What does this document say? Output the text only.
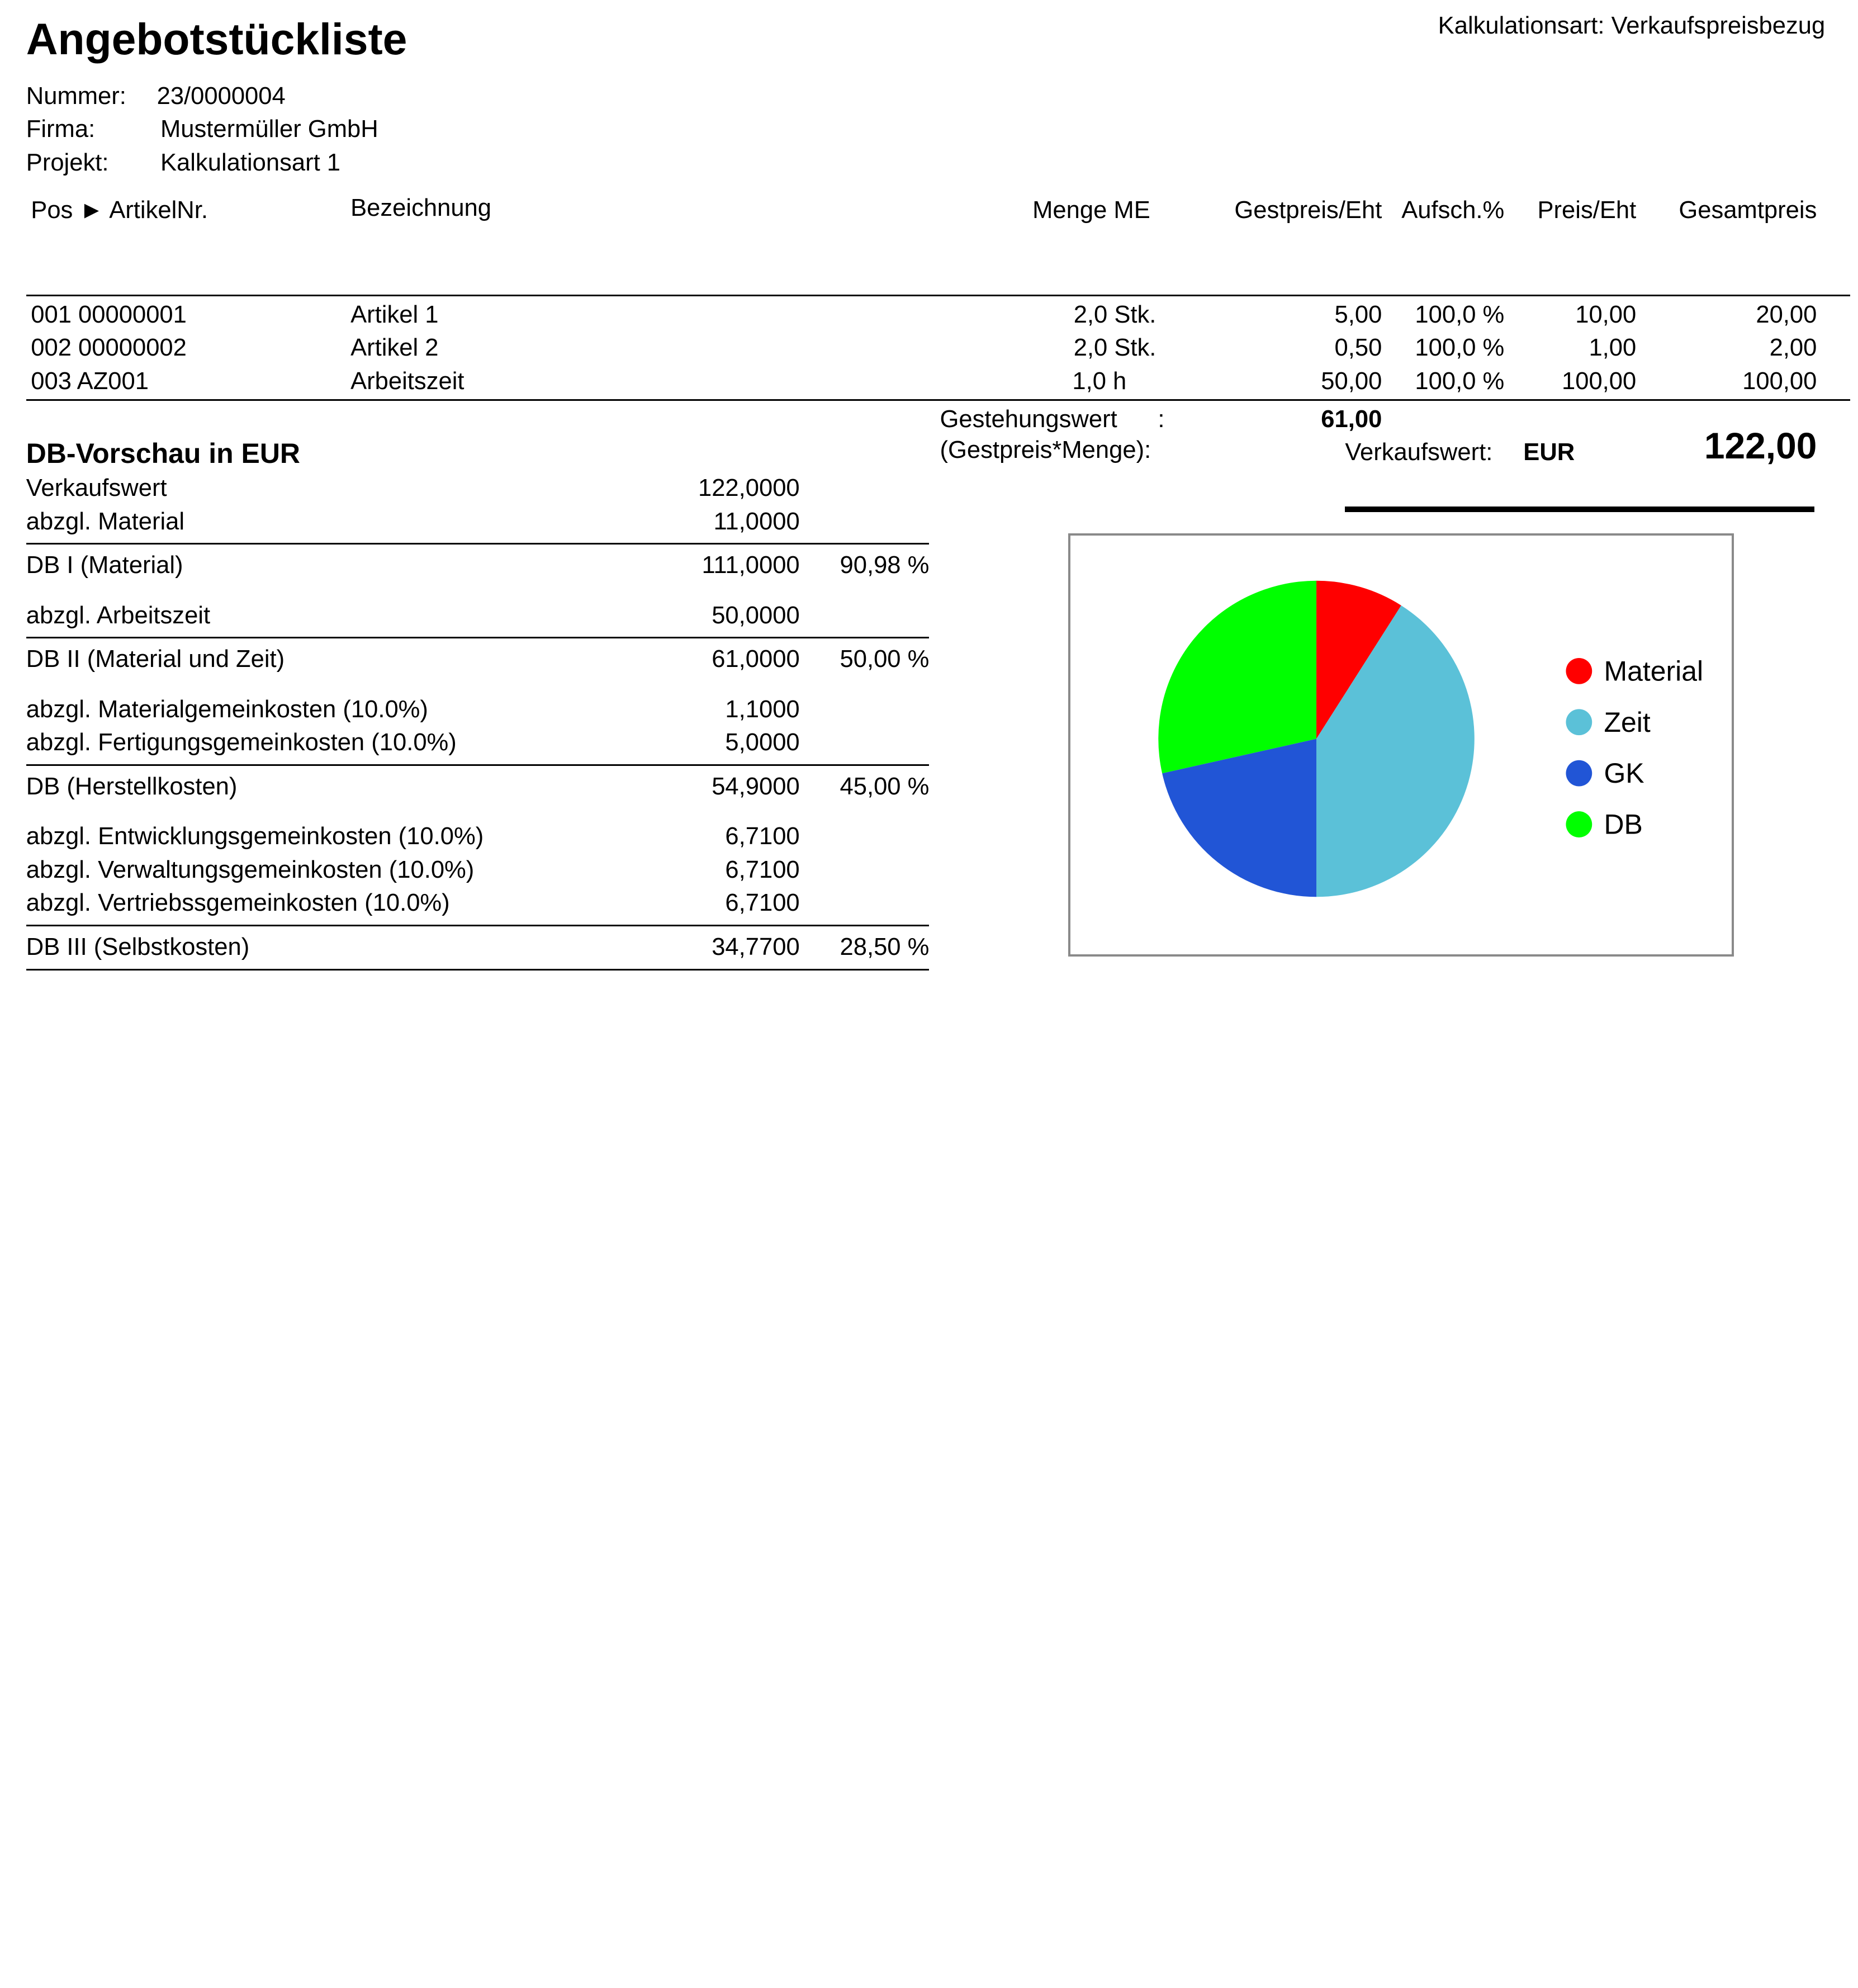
Angebotstückliste	Kalkulationsart: Verkaufspreisbezug
Nummer:	23/0000004
Firma:	Mustermüller GmbH
Projekt:	Kalkulationsart 1
Pos ► ArtikelNr.	Bezeichnung	Menge ME	Gestpreis/Eht Aufsch.%	Preis/Eht	Gesamtpreis
001 00000001	Artikel 1	2,0 Stk.	5,00	100,0 %	10,00	20,00
002 00000002	Artikel 2	2,0 Stk.	0,50	100,0 %	1,00	2,00
003 AZ001	Arbeitszeit	1,0 h	50,00	100,0 %	100,00	100,00
Gestehungswert      :
(Gestpreis*Menge):
61,00
Verkaufswert:	EUR	122,00
DB-Vorschau in EUR
Verkaufswert	122,0000
abzgl. Material	11,0000
DB I (Material)	111,0000	90,98 %
abzgl. Arbeitszeit	50,0000
DB II (Material und Zeit)	61,0000	50,00 %
abzgl. Materialgemeinkosten (10.0%)	1,1000
abzgl. Fertigungsgemeinkosten (10.0%)	5,0000
DB (Herstellkosten)	54,9000	45,00 %
abzgl. Entwicklungsgemeinkosten (10.0%)	6,7100
abzgl. Verwaltungsgemeinkosten (10.0%)	6,7100
abzgl. Vertriebssgemeinkosten (10.0%)	6,7100
DB III (Selbstkosten)	34,7700	28,50 %
Material
Zeit
GK
DB
